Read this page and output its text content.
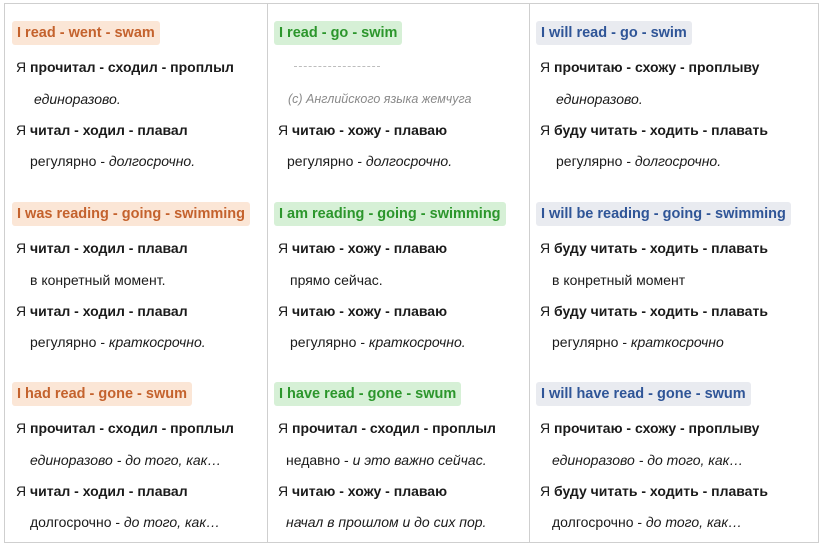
I read - went - swam
Я прочитал - сходил - проплыл
единоразово.
Я читал - ходил - плавал
регулярно - долгосрочно.
I was reading - going - swimming
Я читал - ходил - плавал
в конретный момент.
Я читал - ходил - плавал
регулярно - краткосрочно.
I had read - gone - swum
Я прочитал - сходил - проплыл
единоразово - до того, как…
Я читал - ходил - плавал
долгосрочно - до того, как…
I read - go - swim
(c) Английского языка жемчуга
Я читаю - хожу - плаваю
регулярно - долгосрочно.
I am reading - going - swimming
Я читаю - хожу - плаваю
прямо сейчас.
Я читаю - хожу - плаваю
регулярно - краткосрочно.
I have read - gone - swum
Я прочитал - сходил - проплыл
недавно - и это важно сейчас.
Я читаю - хожу - плаваю
начал в прошлом и до сих пор.
I will read - go - swim
Я прочитаю - схожу - проплыву
единоразово.
Я буду читать - ходить - плавать
регулярно - долгосрочно.
I will be reading - going - swimming
Я буду читать - ходить - плавать
в конретный момент
Я буду читать - ходить - плавать
регулярно - краткосрочно
I will have read - gone - swum
Я прочитаю - схожу - проплыву
единоразово - до того, как…
Я буду читать - ходить - плавать
долгосрочно - до того, как…
